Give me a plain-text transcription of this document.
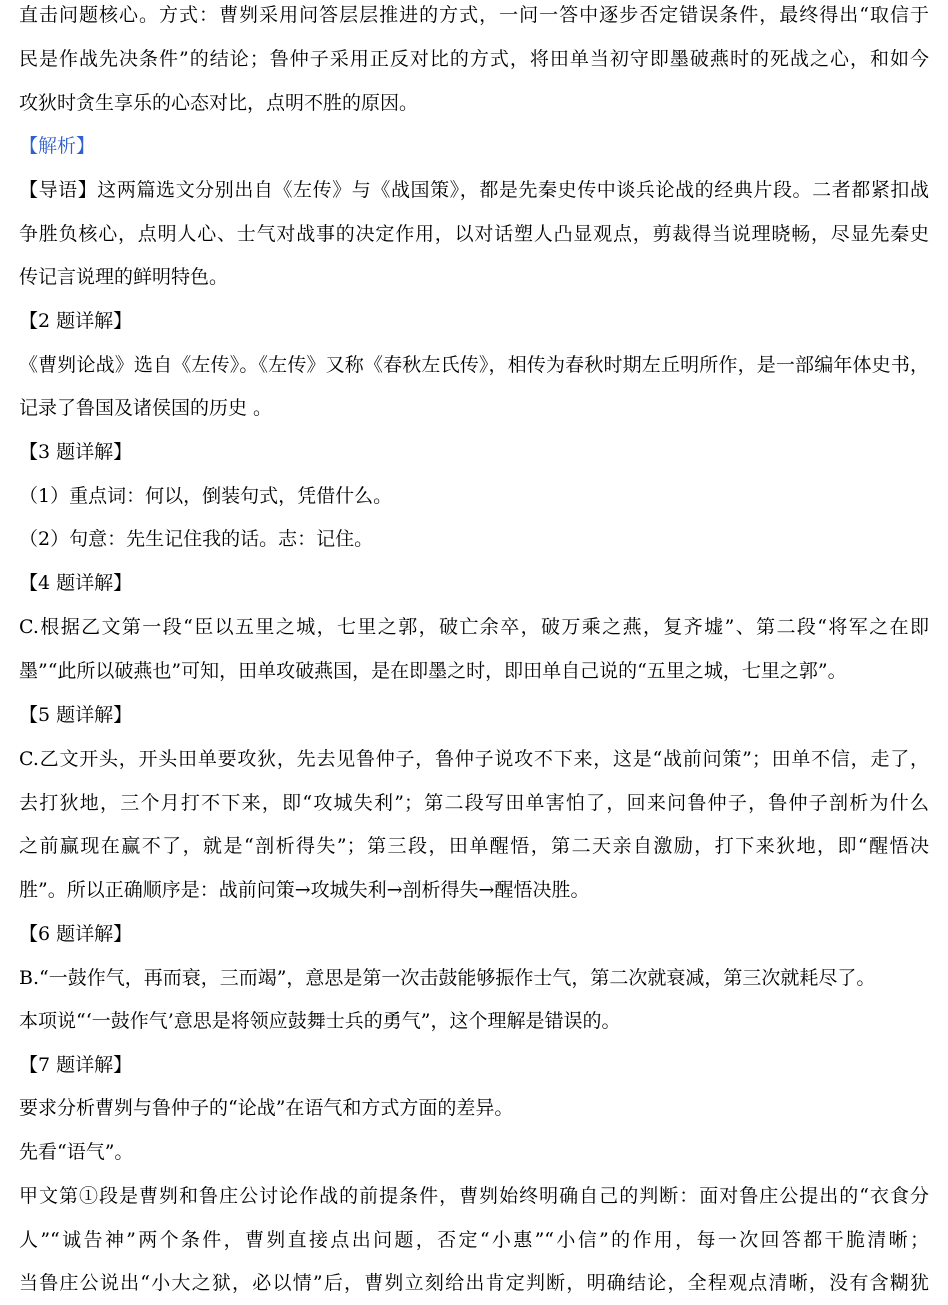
直击问题核心。方式：曹刿采用问答层层推进的方式，一问一答中逐步否定错误条件，最终得出“取信于
民是作战先决条件”的结论；鲁仲子采用正反对比的方式，将田单当初守即墨破燕时的死战之心，和如今
攻狄时贪生享乐的心态对比，点明不胜的原因。
【解析】
【导语】这两篇选文分别出自《左传》与《战国策》，都是先秦史传中谈兵论战的经典片段。二者都紧扣战
争胜负核心，点明人心、士气对战事的决定作用，以对话塑人凸显观点，剪裁得当说理晓畅，尽显先秦史
传记言说理的鲜明特色。
【2 题详解】
《曹刿论战》选自《左传》。《左传》又称《春秋左氏传》，相传为春秋时期左丘明所作，是一部编年体史书，
记录了鲁国及诸侯国的历史 。
【3 题详解】
（1）重点词：何以，倒装句式，凭借什么。
（2）句意：先生记住我的话。志：记住。
【4 题详解】
C.根据乙文第一段“臣以五里之城，七里之郭，破亡余卒，破万乘之燕，复齐墟”、第二段“将军之在即
墨”“此所以破燕也”可知，田单攻破燕国，是在即墨之时，即田单自己说的“五里之城，七里之郭”。
【5 题详解】
C.乙文开头，开头田单要攻狄，先去见鲁仲子，鲁仲子说攻不下来，这是“战前问策”；田单不信，走了，
去打狄地，三个月打不下来，即“攻城失利”；第二段写田单害怕了，回来问鲁仲子，鲁仲子剖析为什么
之前赢现在赢不了，就是“剖析得失”；第三段，田单醒悟，第二天亲自激励，打下来狄地，即“醒悟决
胜”。所以正确顺序是：战前问策→攻城失利→剖析得失→醒悟决胜。
【6 题详解】
B.“一鼓作气，再而衰，三而竭”，意思是第一次击鼓能够振作士气，第二次就衰减，第三次就耗尽了。
本项说“‘一鼓作气’意思是将领应鼓舞士兵的勇气”，这个理解是错误的。
【7 题详解】
要求分析曹刿与鲁仲子的“论战”在语气和方式方面的差异。
先看“语气”。
甲文第①段是曹刿和鲁庄公讨论作战的前提条件，曹刿始终明确自己的判断：面对鲁庄公提出的“衣食分
人”“诚告神”两个条件，曹刿直接点出问题，否定“小惠”“小信”的作用，每一次回答都干脆清晰；
当鲁庄公说出“小大之狱，必以情”后，曹刿立刻给出肯定判断，明确结论，全程观点清晰，没有含糊犹
